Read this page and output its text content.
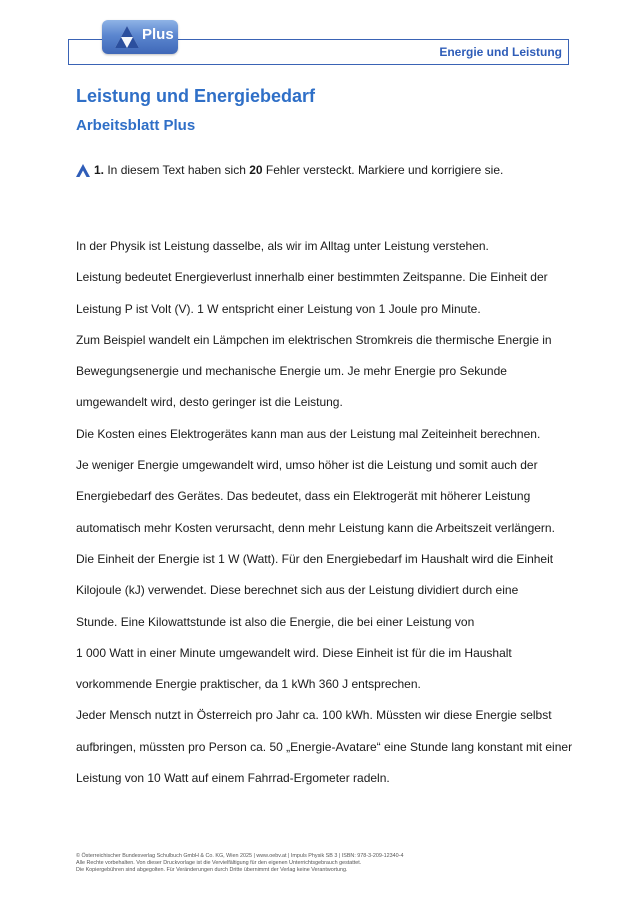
Energie und Leistung
Plus
Leistung und Energiebedarf
Arbeitsblatt Plus
1. In diesem Text haben sich 20 Fehler versteckt. Markiere und korrigiere sie.
In der Physik ist Leistung dasselbe, als wir im Alltag unter Leistung verstehen.
Leistung bedeutet Energieverlust innerhalb einer bestimmten Zeitspanne. Die Einheit der
Leistung P ist Volt (V). 1 W entspricht einer Leistung von 1 Joule pro Minute.
Zum Beispiel wandelt ein Lämpchen im elektrischen Stromkreis die thermische Energie in
Bewegungsenergie und mechanische Energie um. Je mehr Energie pro Sekunde
umgewandelt wird, desto geringer ist die Leistung.
Die Kosten eines Elektrogerätes kann man aus der Leistung mal Zeiteinheit berechnen.
Je weniger Energie umgewandelt wird, umso höher ist die Leistung und somit auch der
Energiebedarf des Gerätes. Das bedeutet, dass ein Elektrogerät mit höherer Leistung
automatisch mehr Kosten verursacht, denn mehr Leistung kann die Arbeitszeit verlängern.
Die Einheit der Energie ist 1 W (Watt). Für den Energiebedarf im Haushalt wird die Einheit
Kilojoule (kJ) verwendet. Diese berechnet sich aus der Leistung dividiert durch eine
Stunde. Eine Kilowattstunde ist also die Energie, die bei einer Leistung von
1 000 Watt in einer Minute umgewandelt wird. Diese Einheit ist für die im Haushalt
vorkommende Energie praktischer, da 1 kWh 360 J entsprechen.
Jeder Mensch nutzt in Österreich pro Jahr ca. 100 kWh. Müssten wir diese Energie selbst
aufbringen, müssten pro Person ca. 50 „Energie-Avatare“ eine Stunde lang konstant mit einer
Leistung von 10 Watt auf einem Fahrrad-Ergometer radeln.
© Österreichischer Bundesverlag Schulbuch GmbH & Co. KG, Wien 2025 | www.oebv.at | Impuls Physik SB 3 | ISBN: 978-3-209-12340-4
Alle Rechte vorbehalten. Von dieser Druckvorlage ist die Vervielfältigung für den eigenen Unterrichtsgebrauch gestattet.
Die Kopiergebühren sind abgegolten. Für Veränderungen durch Dritte übernimmt der Verlag keine Verantwortung.
